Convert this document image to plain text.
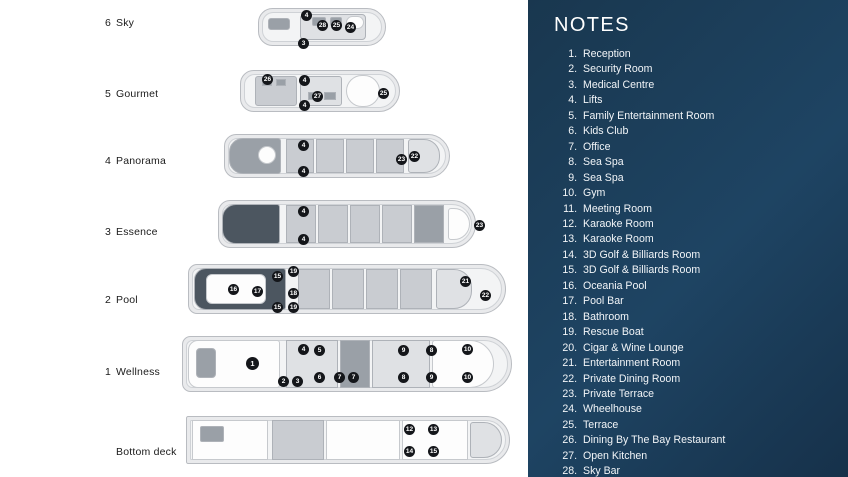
6 Sky
4
28 25 24
3
5 Gourmet
26	4
27
4
25
4 Panorama
4
4
23 22
3 Essence
4
4
23
2 Pool
15
19
16	17	18
19
15
21
22
1 Wellness
1
4	5	9	8	10
2	3
6	7	7	8	9	10
Bottom deck
12	13
14	15
NOTES
1. Reception
2. Security Room
3. Medical Centre
4. Lifts
5. Family Entertainment Room
6. Kids Club
7. Office
8. Sea Spa
9. Sea Spa
10. Gym
11. Meeting Room
12. Karaoke Room
13. Karaoke Room
14. 3D Golf & Billiards Room
15. 3D Golf & Billiards Room
16. Oceania Pool
17. Pool Bar
18. Bathroom
19. Rescue Boat
20. Cigar & Wine Lounge
21. Entertainment Room
22. Private Dining Room
23. Private Terrace
24. Wheelhouse
25. Terrace
26. Dining By The Bay Restaurant
27. Open Kitchen
28. Sky Bar
